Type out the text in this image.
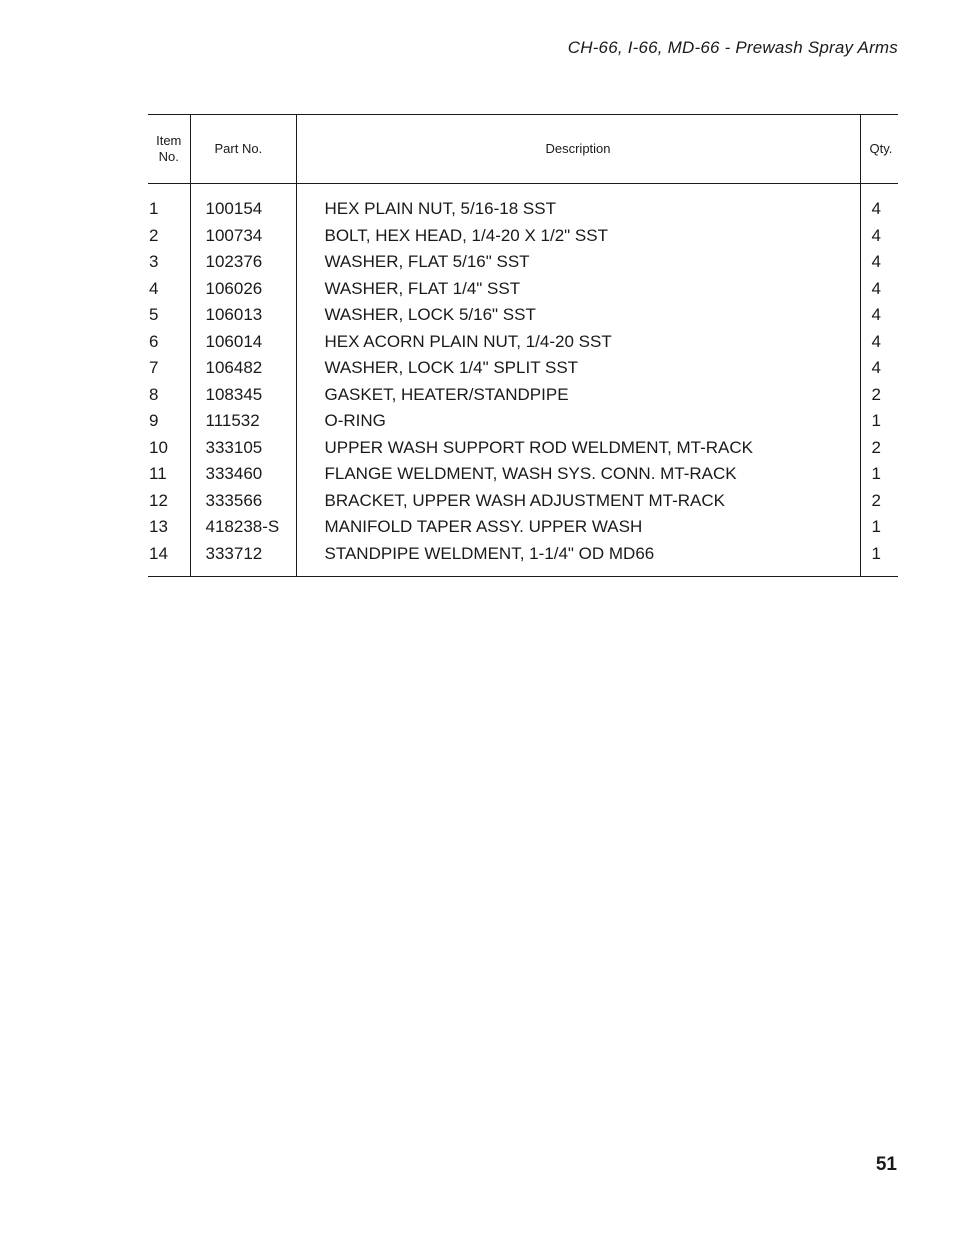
CH-66, I-66, MD-66 - Prewash Spray Arms
Item
No.	Part No.	Description	Qty.

1	100154	HEX PLAIN NUT, 5/16-18 SST	4
2	100734	BOLT, HEX HEAD, 1/4-20 X 1/2" SST	4
3	102376	WASHER, FLAT 5/16" SST	4
4	106026	WASHER, FLAT 1/4" SST	4
5	106013	WASHER, LOCK 5/16" SST	4
6	106014	HEX ACORN PLAIN NUT, 1/4-20 SST	4
7	106482	WASHER, LOCK 1/4" SPLIT SST	4
8	108345	GASKET, HEATER/STANDPIPE	2
9	111532	O-RING	1
10	333105	UPPER WASH SUPPORT ROD WELDMENT, MT-RACK	2
11	333460	FLANGE WELDMENT, WASH SYS. CONN. MT-RACK	1
12	333566	BRACKET, UPPER WASH ADJUSTMENT MT-RACK	2
13	418238-S	MANIFOLD TAPER ASSY. UPPER WASH	1
14	333712	STANDPIPE WELDMENT, 1-1/4" OD MD66	1

51
